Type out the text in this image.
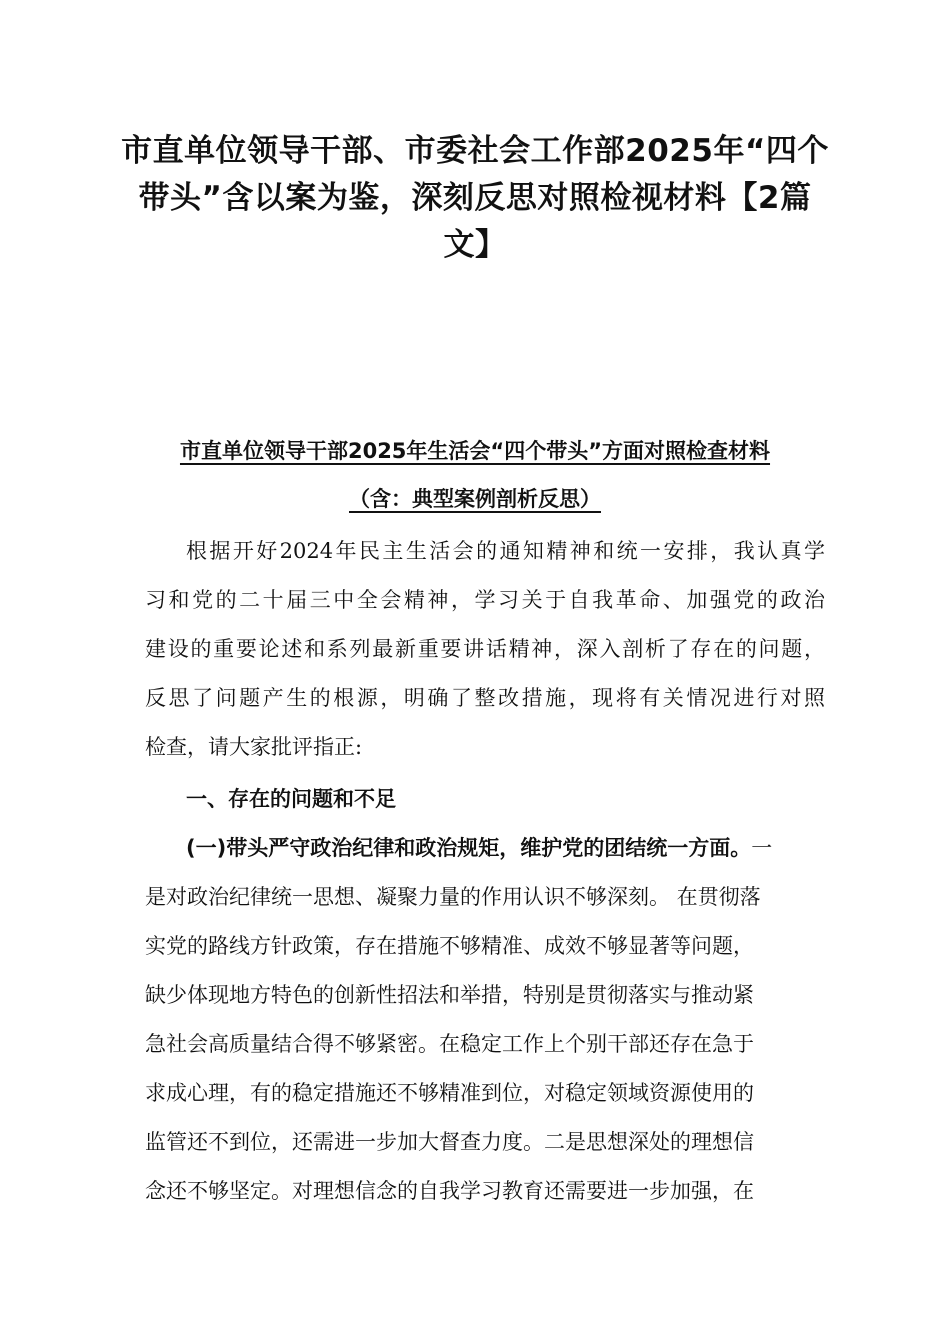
市直单位领导干部、市委社会工作部2025年“四个
带头”含以案为鉴，深刻反思对照检视材料【2篇
文】
市直单位领导干部2025年生活会“四个带头”方面对照检查材料
（含：典型案例剖析反思）
根据开好2024年民主生活会的通知精神和统一安排，我认真学
习和党的二十届三中全会精神，学习关于自我革命、加强党的政治
建设的重要论述和系列最新重要讲话精神，深入剖析了存在的问题，
反思了问题产生的根源，明确了整改措施，现将有关情况进行对照
检查，请大家批评指正:
一、存在的问题和不足
(一)带头严守政治纪律和政治规矩，维护党的团结统一方面。一
是对政治纪律统一思想、凝聚力量的作用认识不够深刻。 在贯彻落
实党的路线方针政策，存在措施不够精准、成效不够显著等问题，
缺少体现地方特色的创新性招法和举措，特别是贯彻落实与推动紧
急社会高质量结合得不够紧密。在稳定工作上个别干部还存在急于
求成心理，有的稳定措施还不够精准到位，对稳定领域资源使用的
监管还不到位，还需进一步加大督查力度。二是思想深处的理想信
念还不够坚定。对理想信念的自我学习教育还需要进一步加强，在
